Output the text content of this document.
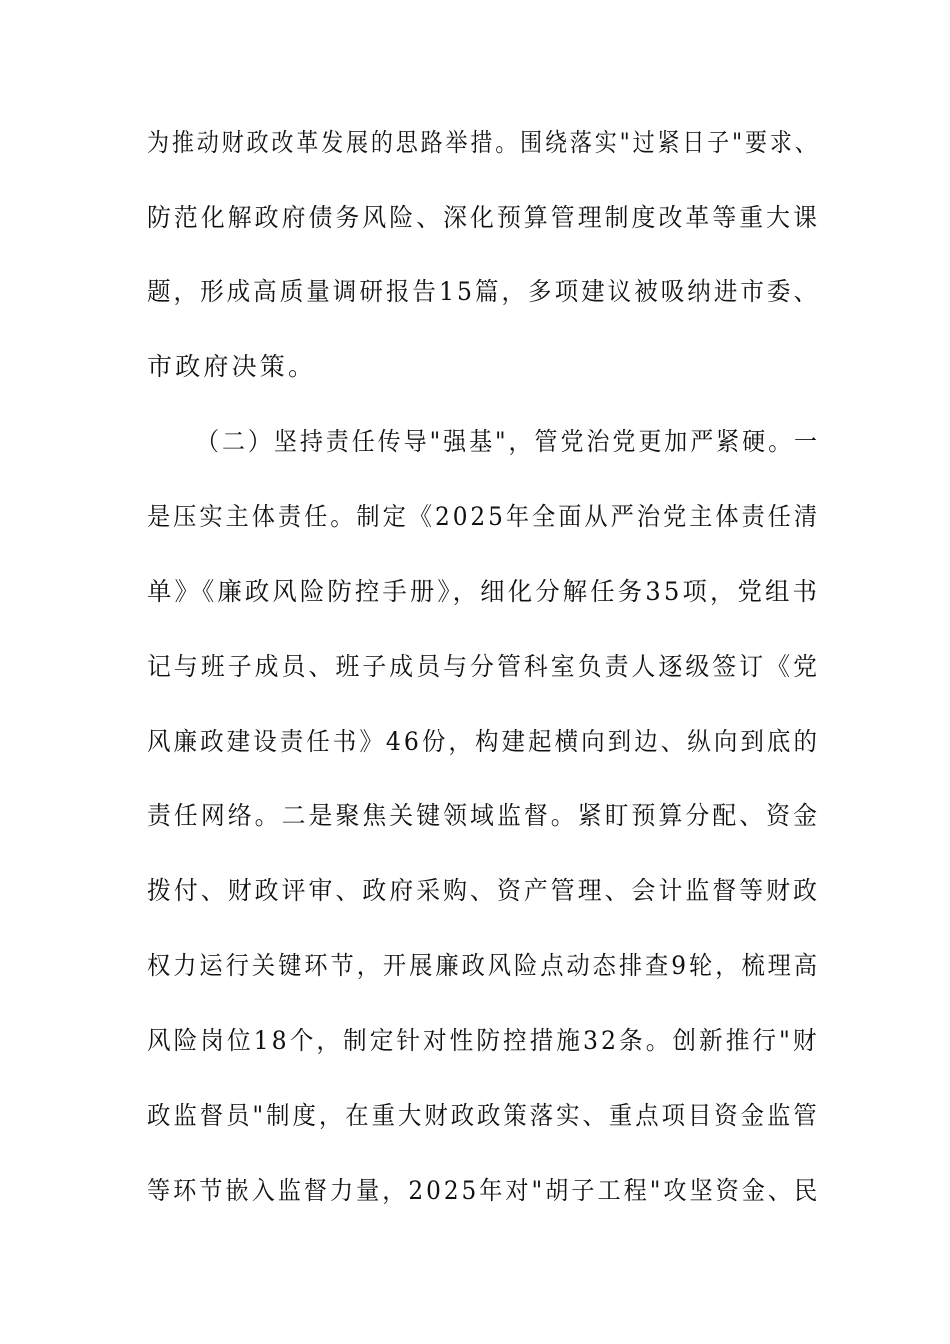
为推动财政改革发展的思路举措。围绕落实"过紧日子"要求、
防范化解政府债务风险、深化预算管理制度改革等重大课
题，形成高质量调研报告15篇，多项建议被吸纳进市委、
市政府决策。
（二）坚持责任传导"强基"，管党治党更加严紧硬。一
是压实主体责任。制定《2025年全面从严治党主体责任清
单》《廉政风险防控手册》，细化分解任务35项，党组书
记与班子成员、班子成员与分管科室负责人逐级签订《党
风廉政建设责任书》46份，构建起横向到边、纵向到底的
责任网络。二是聚焦关键领域监督。紧盯预算分配、资金
拨付、财政评审、政府采购、资产管理、会计监督等财政
权力运行关键环节，开展廉政风险点动态排查9轮，梳理高
风险岗位18个，制定针对性防控措施32条。创新推行"财
政监督员"制度，在重大财政政策落实、重点项目资金监管
等环节嵌入监督力量，2025年对"胡子工程"攻坚资金、民
